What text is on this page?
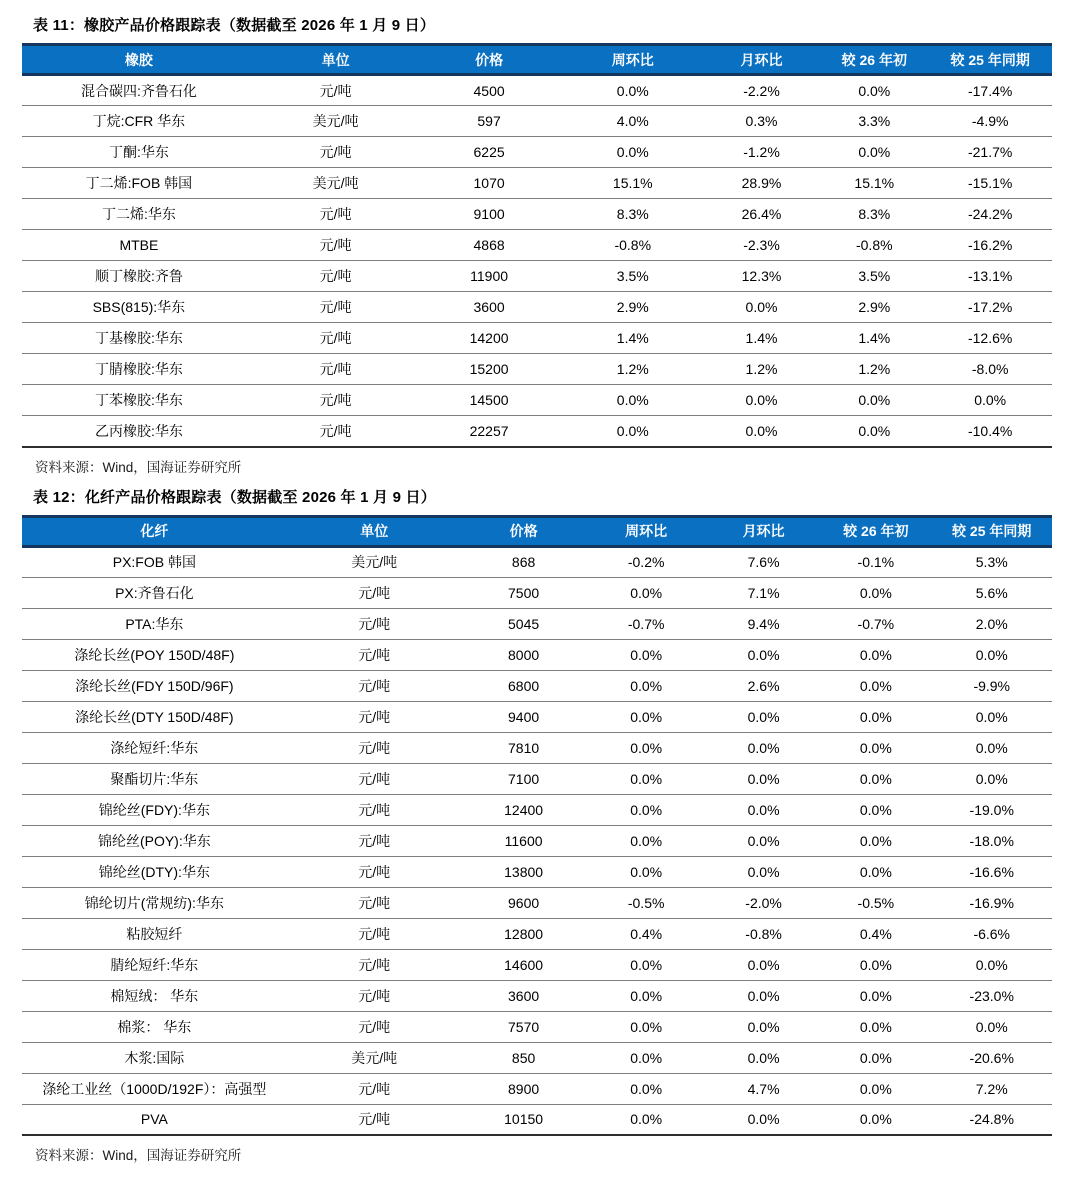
表 11：橡胶产品价格跟踪表（数据截至 2026 年 1 月 9 日）
橡胶	单位	价格	周环比	月环比	较 26 年初	较 25 年同期
混合碳四:齐鲁石化	元/吨	4500	0.0%	-2.2%	0.0%	-17.4%
丁烷:CFR 华东	美元/吨	597	4.0%	0.3%	3.3%	-4.9%
丁酮:华东	元/吨	6225	0.0%	-1.2%	0.0%	-21.7%
丁二烯:FOB 韩国	美元/吨	1070	15.1%	28.9%	15.1%	-15.1%
丁二烯:华东	元/吨	9100	8.3%	26.4%	8.3%	-24.2%
MTBE	元/吨	4868	-0.8%	-2.3%	-0.8%	-16.2%
顺丁橡胶:齐鲁	元/吨	11900	3.5%	12.3%	3.5%	-13.1%
SBS(815):华东	元/吨	3600	2.9%	0.0%	2.9%	-17.2%
丁基橡胶:华东	元/吨	14200	1.4%	1.4%	1.4%	-12.6%
丁腈橡胶:华东	元/吨	15200	1.2%	1.2%	1.2%	-8.0%
丁苯橡胶:华东	元/吨	14500	0.0%	0.0%	0.0%	0.0%
乙丙橡胶:华东	元/吨	22257	0.0%	0.0%	0.0%	-10.4%
资料来源：Wind，国海证券研究所
表 12：化纤产品价格跟踪表（数据截至 2026 年 1 月 9 日）
化纤	单位	价格	周环比	月环比	较 26 年初	较 25 年同期
PX:FOB 韩国	美元/吨	868	-0.2%	7.6%	-0.1%	5.3%
PX:齐鲁石化	元/吨	7500	0.0%	7.1%	0.0%	5.6%
PTA:华东	元/吨	5045	-0.7%	9.4%	-0.7%	2.0%
涤纶长丝(POY 150D/48F)	元/吨	8000	0.0%	0.0%	0.0%	0.0%
涤纶长丝(FDY 150D/96F)	元/吨	6800	0.0%	2.6%	0.0%	-9.9%
涤纶长丝(DTY 150D/48F)	元/吨	9400	0.0%	0.0%	0.0%	0.0%
涤纶短纤:华东	元/吨	7810	0.0%	0.0%	0.0%	0.0%
聚酯切片:华东	元/吨	7100	0.0%	0.0%	0.0%	0.0%
锦纶丝(FDY):华东	元/吨	12400	0.0%	0.0%	0.0%	-19.0%
锦纶丝(POY):华东	元/吨	11600	0.0%	0.0%	0.0%	-18.0%
锦纶丝(DTY):华东	元/吨	13800	0.0%	0.0%	0.0%	-16.6%
锦纶切片(常规纺):华东	元/吨	9600	-0.5%	-2.0%	-0.5%	-16.9%
粘胶短纤	元/吨	12800	0.4%	-0.8%	0.4%	-6.6%
腈纶短纤:华东	元/吨	14600	0.0%	0.0%	0.0%	0.0%
棉短绒： 华东	元/吨	3600	0.0%	0.0%	0.0%	-23.0%
棉浆： 华东	元/吨	7570	0.0%	0.0%	0.0%	0.0%
木浆:国际	美元/吨	850	0.0%	0.0%	0.0%	-20.6%
涤纶工业丝（1000D/192F）：高强型	元/吨	8900	0.0%	4.7%	0.0%	7.2%
PVA	元/吨	10150	0.0%	0.0%	0.0%	-24.8%
资料来源：Wind，国海证券研究所
